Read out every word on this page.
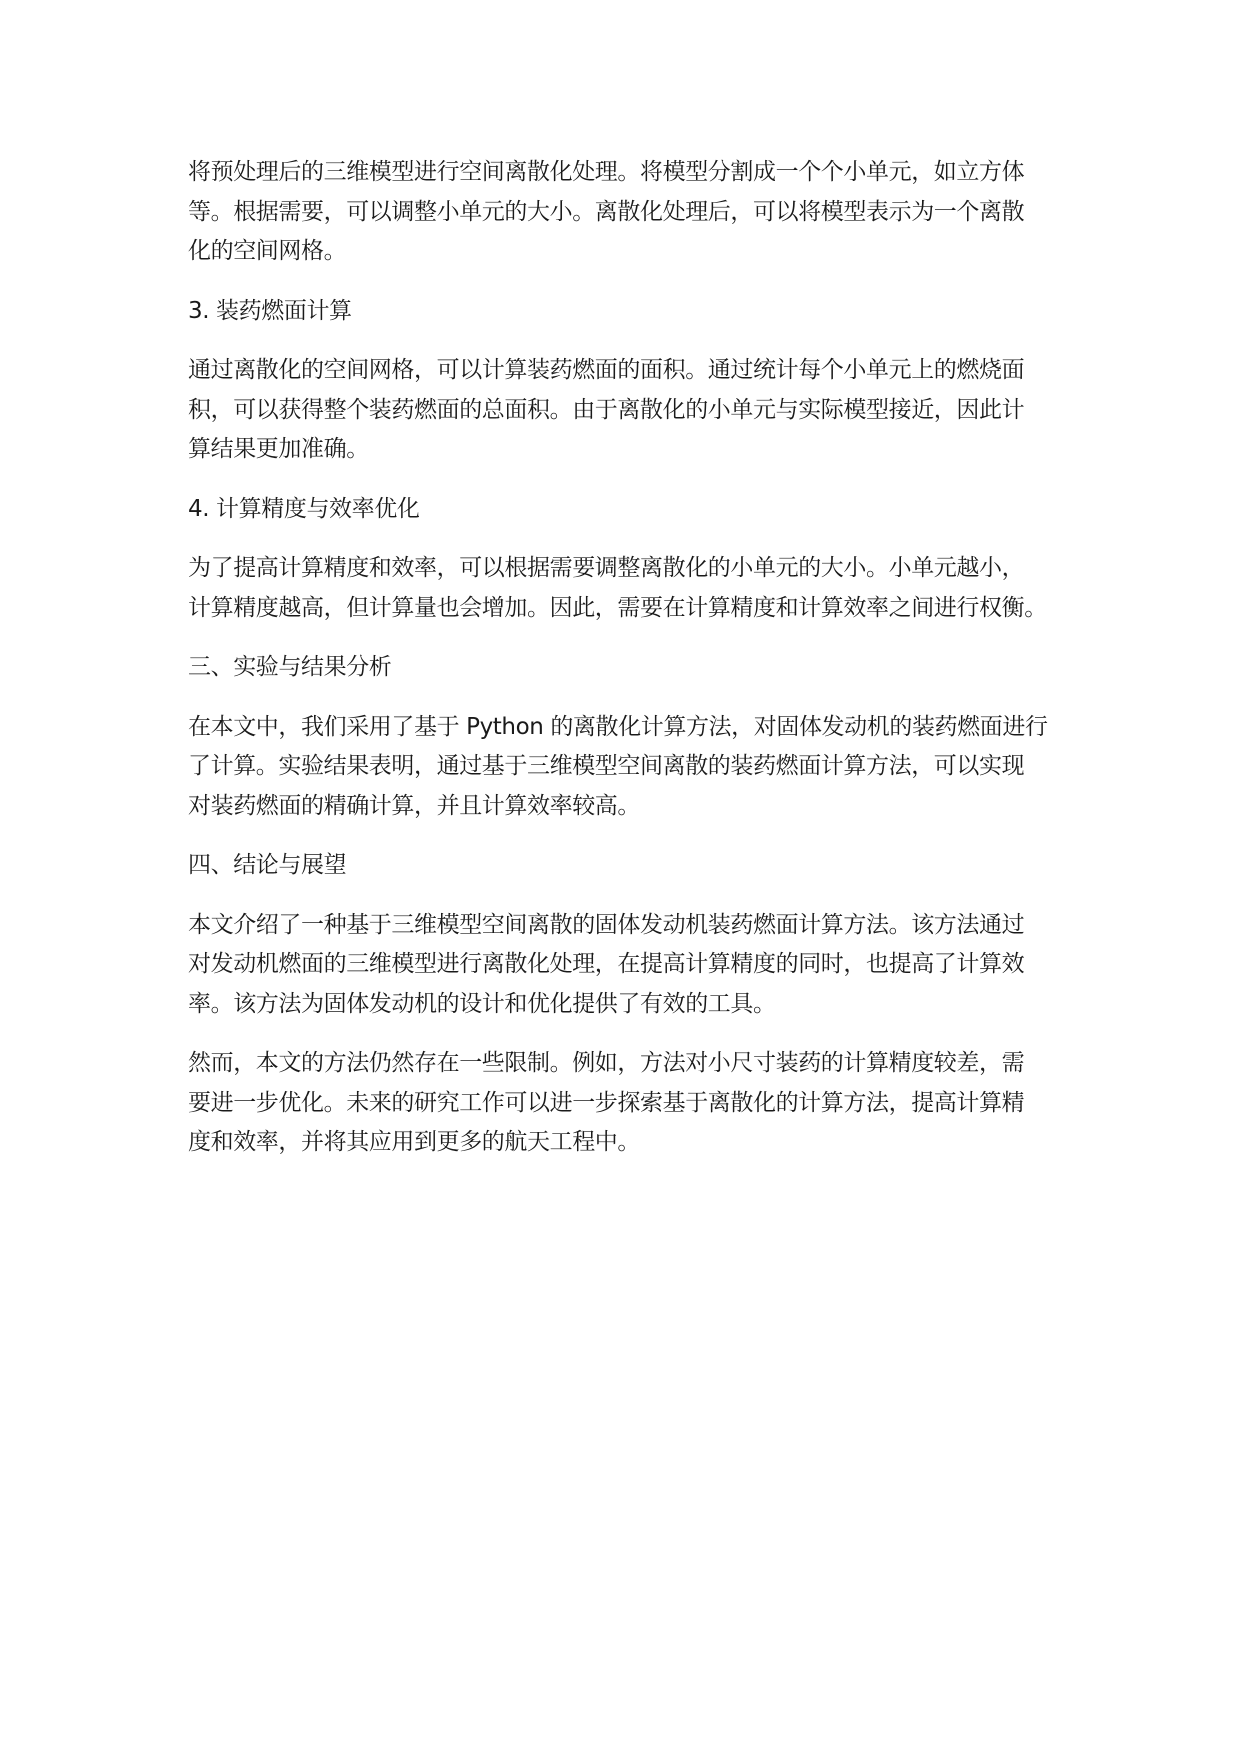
将预处理后的三维模型进行空间离散化处理。将模型分割成一个个小单元，如立方体
等。根据需要，可以调整小单元的大小。离散化处理后，可以将模型表示为一个离散
化的空间网格。

3. 装药燃面计算

通过离散化的空间网格，可以计算装药燃面的面积。通过统计每个小单元上的燃烧面
积，可以获得整个装药燃面的总面积。由于离散化的小单元与实际模型接近，因此计
算结果更加准确。

4. 计算精度与效率优化

为了提高计算精度和效率，可以根据需要调整离散化的小单元的大小。小单元越小，
计算精度越高，但计算量也会增加。因此，需要在计算精度和计算效率之间进行权衡。

三、实验与结果分析

在本文中，我们采用了基于 Python 的离散化计算方法，对固体发动机的装药燃面进行
了计算。实验结果表明，通过基于三维模型空间离散的装药燃面计算方法，可以实现
对装药燃面的精确计算，并且计算效率较高。

四、结论与展望

本文介绍了一种基于三维模型空间离散的固体发动机装药燃面计算方法。该方法通过
对发动机燃面的三维模型进行离散化处理，在提高计算精度的同时，也提高了计算效
率。该方法为固体发动机的设计和优化提供了有效的工具。

然而，本文的方法仍然存在一些限制。例如，方法对小尺寸装药的计算精度较差，需
要进一步优化。未来的研究工作可以进一步探索基于离散化的计算方法，提高计算精
度和效率，并将其应用到更多的航天工程中。
